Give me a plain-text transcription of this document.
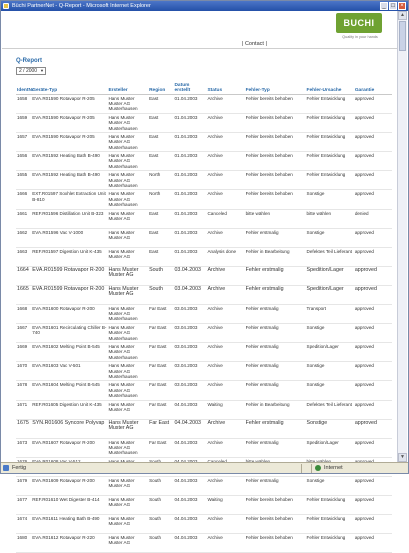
Büchi PartnerNet - Q-Report - Microsoft Internet Explorer	_ □ ×
BUCHI
Quality in your hands
| Contact |
Q-Report
2 / 2000 ▼
IdentNr	Geräte-Typ	Ersteller	Region	Datum erstellt	Status	Fehler-Typ	Fehler-Ursache	Garantie
1658	EVA.R01590 Rotavapor R-205	Hans Muster Muster AG Musterhausen	East	01.04.2003	Archive	Fehler bereits behoben	Fehler Entwicklung	approved
1659	EVA.R01590 Rotavapor R-205	Hans Muster Muster AG Musterhausen	East	01.04.2003	Archive	Fehler bereits behoben	Fehler Entwicklung	approved
1657	EVA.R01590 Rotavapor R-205	Hans Muster Muster AG Musterhausen	East	01.04.2003	Archive	Fehler bereits behoben	Fehler Entwicklung	approved
1656	EVA.R01592 Heating Bath B-490	Hans Muster Muster AG Musterhausen	East	01.04.2003	Archive	Fehler bereits behoben	Fehler Entwicklung	approved
1655	EVA.R01592 Heating Bath B-490	Hans Muster Muster AG Musterhausen	North	01.04.2003	Archive	Fehler bereits behoben	Fehler Entwicklung	approved
1666	EXT.R01597 Soxhlet Extraction Unit B-810	Hans Muster Muster AG Musterhausen	North	01.04.2003	Archive	Fehler bereits behoben	Sonstige	approved
1661	REF.R01596 Distillation Unit B-323	Hans Muster Muster AG	East	01.04.2003	Canceled	bitte wählen	bitte wählen	denied
1662	EVA.R01596 Vac V-1000	Hans Muster Muster AG	East	01.04.2003	Archive	Fehler erstmalig	Sonstige	approved
1663	REF.R01597 Digestion Unit K-435	Hans Muster Muster AG	East	01.04.2003	Analysis done	Fehler in Bearbeitung	Defektes Teil Lieferant	approved
1664	EVA.R01599 Rotavapor R-200	Hans Muster Muster AG	South	03.04.2003	Archive	Fehler erstmalig	Spedition/Lager	approved
1665	EVA.R01599 Rotavapor R-200	Hans Muster Muster AG	South	03.04.2003	Archive	Fehler erstmalig	Spedition/Lager	approved
1668	EVA.R01600 Rotavapor R-200	Hans Muster Muster AG Musterhausen	Far East	03.04.2003	Archive	Fehler erstmalig	Transport	approved
1667	EVA.R01601 Recirculating Chiller B-740	Hans Muster Muster AG Musterhausen	Far East	03.04.2003	Archive	Fehler erstmalig	Sonstige	approved
1669	EVA.R01602 Melting Point B-545	Hans Muster Muster AG Musterhausen	Far East	03.04.2003	Archive	Fehler erstmalig	Spedition/Lager	approved
1670	EVA.R01603 Vac V-501	Hans Muster Muster AG Musterhausen	Far East	03.04.2003	Archive	Fehler erstmalig	Sonstige	approved
1678	EVA.R01604 Melting Point B-545	Hans Muster Muster AG Musterhausen	Far East	03.04.2003	Archive	Fehler erstmalig	Sonstige	approved
1671	REF.R01605 Digestion Unit K-435	Hans Muster Muster AG	Far East	04.04.2003	Waiting	Fehler in Bearbeitung	Defektes Teil Lieferant	approved
1675	SYN.R01606 Syncore Polyvap	Hans Muster Muster AG	Far East	04.04.2003	Archive	Fehler erstmalig	Sonstige	approved
1673	EVA.R01607 Rotavapor R-200	Hans Muster Muster AG Musterhausen	Far East	04.04.2003	Archive	Fehler erstmalig	Spedition/Lager	approved

1679	EVA.R01609 Rotavapor R-200	Hans Muster Muster AG	South	04.04.2003	Archive	Fehler erstmalig	Sonstige	approved
1677	REF.R01610 Wet Digester B-414	Hans Muster Muster AG	South	04.04.2003	Waiting	Fehler bereits behoben	Fehler Entwicklung	approved
1674	EVA.R01611 Heating Bath B-490	Hans Muster Muster AG	South	04.04.2003	Archive	Fehler bereits behoben	Fehler Entwicklung	approved
1680	EVA.R01612 Rotavapor R-220	Hans Muster Muster AG	South	04.04.2003	Archive	Fehler bereits behoben	Fehler Entwicklung	approved
▲
▼
Fertig	Internet
